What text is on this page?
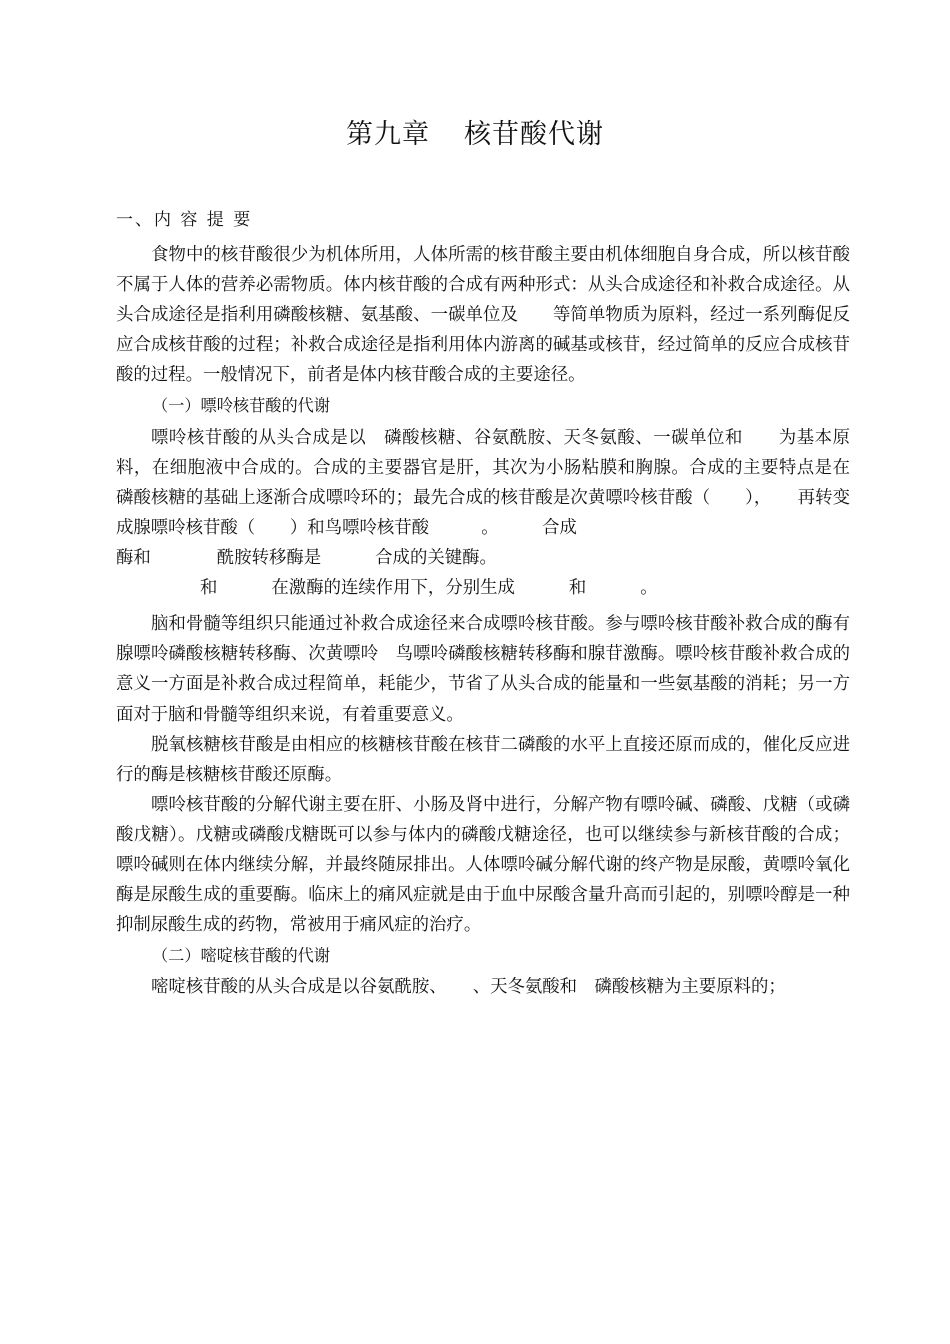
第九章 核苷酸代谢
一、内 容 提 要

食物中的核苷酸很少为机体所用，人体所需的核苷酸主要由机体细胞自身合成，所以核苷酸不属于人体的营养必需物质。体内核苷酸的合成有两种形式：从头合成途径和补救合成途径。从头合成途径是指利用磷酸核糖、氨基酸、一碳单位及　　等简单物质为原料，经过一系列酶促反应合成核苷酸的过程；补救合成途径是指利用体内游离的碱基或核苷，经过简单的反应合成核苷酸的过程。一般情况下，前者是体内核苷酸合成的主要途径。

（一）嘌呤核苷酸的代谢

嘌呤核苷酸的从头合成是以　磷酸核糖、谷氨酰胺、天冬氨酸、一碳单位和　　为基本原料，在细胞液中合成的。合成的主要器官是肝，其次为小肠粘膜和胸腺。合成的主要特点是在　磷酸核糖的基础上逐渐合成嘌呤环的；最先合成的核苷酸是次黄嘌呤核苷酸（　　），　　再转变成腺嘌呤核苷酸（　　）和鸟嘌呤核苷酸　　　。　　　合成

酶和	酰胺转移酶是	合成的关键酶。
和	在激酶的连续作用下，分别生成	和	。

脑和骨髓等组织只能通过补救合成途径来合成嘌呤核苷酸。参与嘌呤核苷酸补救合成的酶有腺嘌呤磷酸核糖转移酶、次黄嘌呤　鸟嘌呤磷酸核糖转移酶和腺苷激酶。嘌呤核苷酸补救合成的意义一方面是补救合成过程简单，耗能少，节省了从头合成的能量和一些氨基酸的消耗；另一方面对于脑和骨髓等组织来说，有着重要意义。

脱氧核糖核苷酸是由相应的核糖核苷酸在核苷二磷酸的水平上直接还原而成的，催化反应进行的酶是核糖核苷酸还原酶。

嘌呤核苷酸的分解代谢主要在肝、小肠及肾中进行，分解产物有嘌呤碱、磷酸、戊糖（或磷酸戊糖）。戊糖或磷酸戊糖既可以参与体内的磷酸戊糖途径，也可以继续参与新核苷酸的合成；嘌呤碱则在体内继续分解，并最终随尿排出。人体嘌呤碱分解代谢的终产物是尿酸，黄嘌呤氧化酶是尿酸生成的重要酶。临床上的痛风症就是由于血中尿酸含量升高而引起的，别嘌呤醇是一种抑制尿酸生成的药物，常被用于痛风症的治疗。

（二）嘧啶核苷酸的代谢

嘧啶核苷酸的从头合成是以谷氨酰胺、　　、天冬氨酸和　磷酸核糖为主要原料的；
